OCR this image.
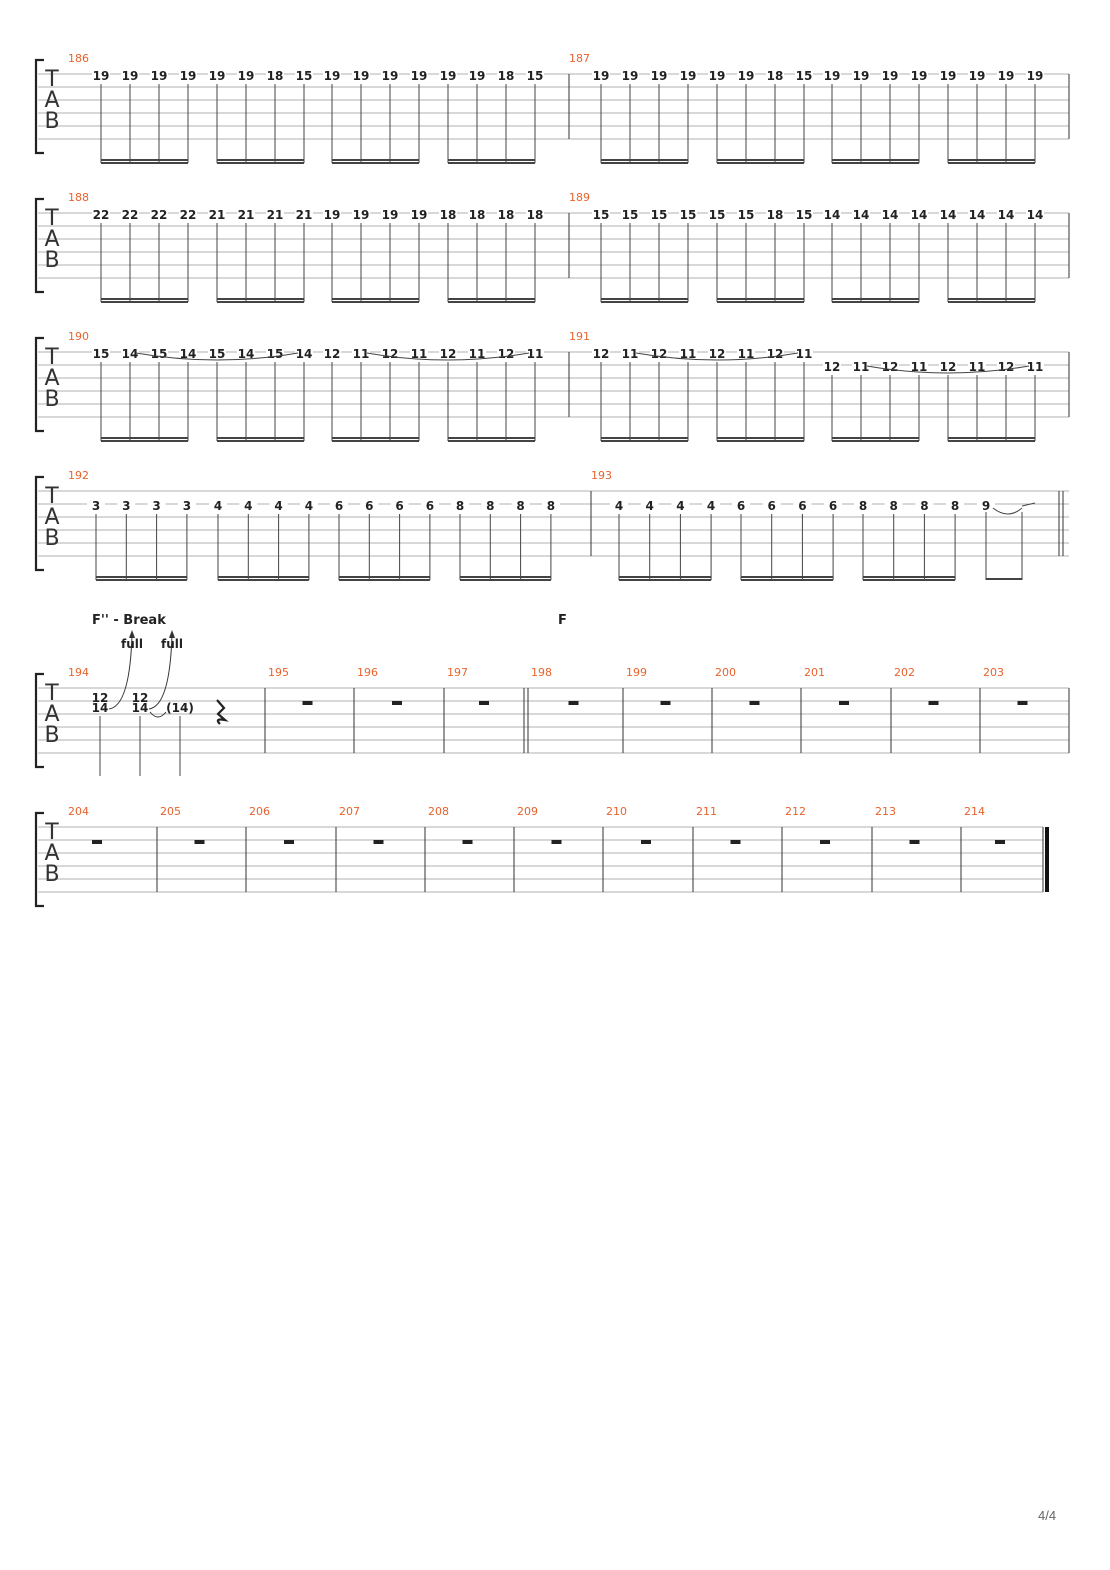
T
A
B
T
A
B
T
A
B
T
A
B
T
A
B
T
A
B
186
19 19 19 19 19 19 18 15 19 19 19 19 19 19 18 15
187
19 19 19 19 19 19 18 15 19 19 19 19 19 19 19 19
188
22 22 22 22 21 21 21 21 19 19 19 19 18 18 18 18
189
15 15 15 15 15 15 18 15 14 14 14 14 14 14 14 14
190
15 14 15 14 15 14 15 14 12 11 12 11 12 11 12 11
191
12 11 12 11 12 11 12 11
12 11 12 11 12 11 12 11
192
3 3 3 3 4 4 4 4 6 6 6 6 8 8 8 8
193
4 4 4 4 6 6 6 6 8 8 8 8 9
F'' - Break	F
194	195	196	197	198	199	200	201	202	203
12
14
full
12
14
full
(14)
204	205	206	207	208	209	210	211	212	213	214
4/4
